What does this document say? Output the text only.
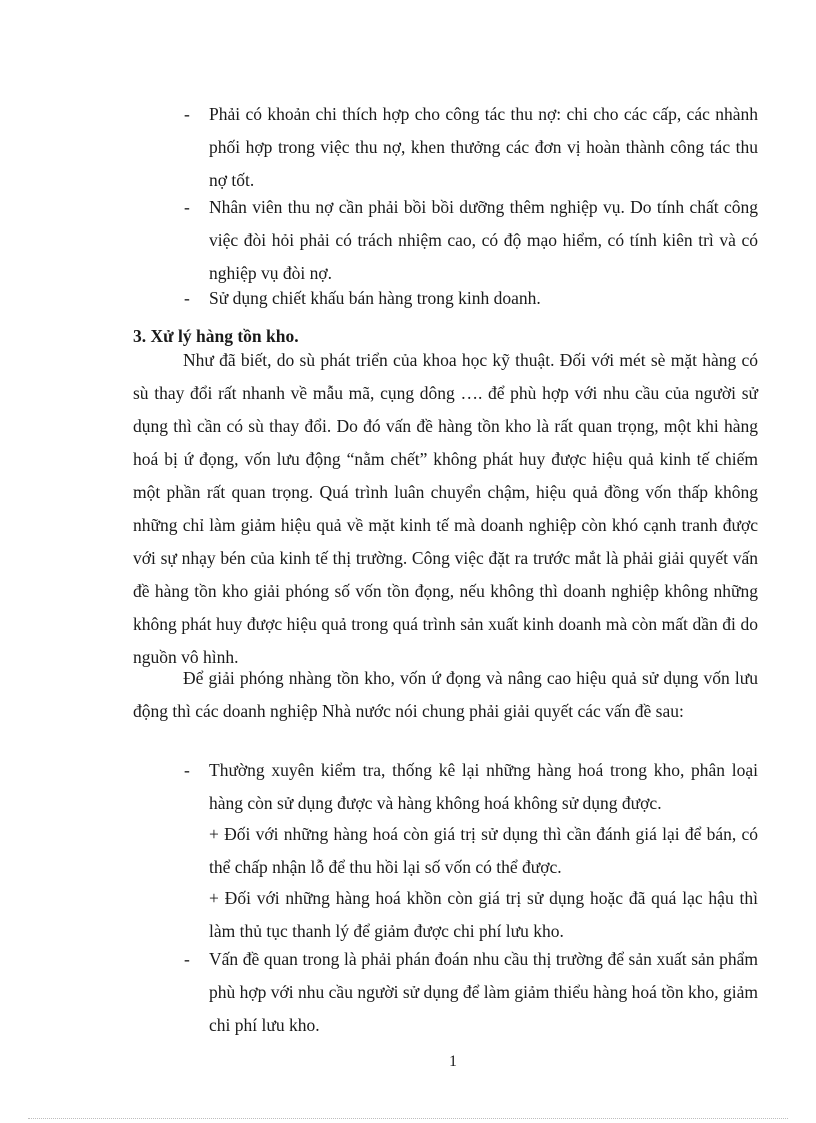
- Phải có khoản chi thích hợp cho công tác thu nợ: chi cho các cấp, các nhành phối hợp trong việc thu nợ, khen thưởng các đơn vị hoàn thành công tác thu nợ tốt.
- Nhân viên thu nợ cần phải bồi bồi dưỡng thêm nghiệp vụ. Do tính chất công việc đòi hỏi phải có trách nhiệm cao, có độ mạo hiểm, có tính kiên trì và có nghiệp vụ đòi nợ.
- Sử dụng chiết khấu bán hàng trong kinh doanh.
3. Xử lý hàng tồn kho.
Như đã biết, do sù phát triển của khoa học kỹ thuật. Đối với mét sè mặt hàng có sù thay đổi rất nhanh về mẫu mã, cụng dông …. để phù hợp với nhu cầu của người sử dụng thì cần có sù thay đổi. Do đó vấn đề hàng tồn kho là rất quan trọng, một khi hàng hoá bị ứ đọng, vốn lưu động “nằm chết” không phát huy được hiệu quả kinh tế chiếm một phần rất quan trọng. Quá trình luân chuyển chậm, hiệu quả đồng vốn thấp không những chỉ làm giảm hiệu quả về mặt kinh tế mà doanh nghiệp còn khó cạnh tranh được với sự nhạy bén của kinh tế thị trường. Công việc đặt ra trước mắt là phải giải quyết vấn đề hàng tồn kho giải phóng số vốn tồn đọng, nếu không thì doanh nghiệp không những không phát huy được hiệu quả trong quá trình sản xuất kinh doanh mà còn mất dần đi do nguồn vô hình.
Để giải phóng nhàng tồn kho, vốn ứ đọng và nâng cao hiệu quả sử dụng vốn lưu động thì các doanh nghiệp Nhà nước nói chung phải giải quyết các vấn đề sau:
- Thường xuyên kiểm tra, thống kê lại những hàng hoá trong kho, phân loại hàng còn sử dụng được và hàng không hoá không sử dụng được.
+ Đối với những hàng hoá còn giá trị sử dụng thì cần đánh giá lại để bán, có thể chấp nhận lỗ để thu hồi lại số vốn có thể được.
+ Đối với những hàng hoá khồn còn giá trị sử dụng hoặc đã quá lạc hậu thì làm thủ tục thanh lý để giảm được chi phí lưu kho.
- Vấn đề quan trong là phải phán đoán nhu cầu thị trường để sản xuất sản phẩm phù hợp với nhu cầu người sử dụng để làm giảm thiểu hàng hoá tồn kho, giảm chi phí lưu kho.
1
